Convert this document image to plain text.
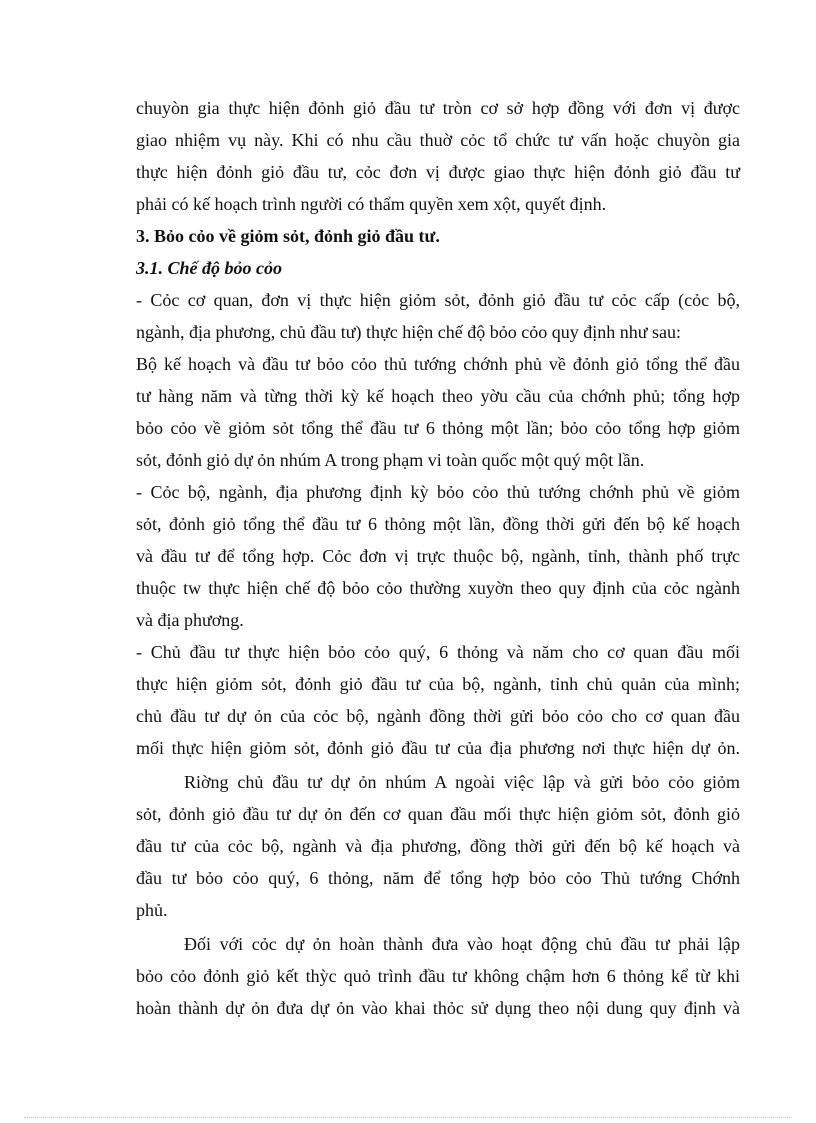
chuyòn gia thực hiện đỏnh giỏ đầu tư tròn cơ sở hợp đồng với đơn vị được
giao nhiệm vụ này. Khi có nhu cầu thuờ cỏc tổ chức tư vấn hoặc chuyòn gia
thực hiện đỏnh giỏ đầu tư, cỏc đơn vị được giao thực hiện đỏnh giỏ đầu tư
phải có kế hoạch trình người có thẩm quyền xem xột, quyết định.
3. Bỏo cỏo về giỏm sỏt, đỏnh giỏ đầu tư.
3.1. Chế độ bỏo cỏo
- Cỏc cơ quan, đơn vị thực hiện giỏm sỏt, đỏnh giỏ đầu tư cỏc cấp (cỏc bộ,
ngành, địa phương, chủ đầu tư) thực hiện chế độ bỏo cỏo quy định như sau:
Bộ kế hoạch và đầu tư bỏo cỏo thủ tướng chớnh phủ về đỏnh giỏ tổng thể đầu
tư hàng năm và từng thời kỳ kế hoạch theo yờu cầu của chớnh phủ; tổng hợp
bỏo cỏo về giỏm sỏt tổng thể đầu tư 6 thỏng một lần; bỏo cỏo tổng hợp giỏm
sỏt, đỏnh giỏ dự ỏn nhúm A trong phạm vi toàn quốc một quý một lần.
- Cỏc bộ, ngành, địa phương định kỳ bỏo cỏo thủ tướng chớnh phủ về giỏm
sỏt, đỏnh giỏ tổng thể đầu tư 6 thỏng một lần, đồng thời gửi đến bộ kế hoạch
và đầu tư để tổng hợp. Cỏc đơn vị trực thuộc bộ, ngành, tỉnh, thành phố trực
thuộc tw thực hiện chế độ bỏo cỏo thường xuyờn theo quy định của cỏc ngành
và địa phương.
- Chủ đầu tư thực hiện bỏo cỏo quý, 6 thỏng và năm cho cơ quan đầu mối
thực hiện giỏm sỏt, đỏnh giỏ đầu tư của bộ, ngành, tỉnh chủ quản của mình;
chủ đầu tư dự ỏn của cỏc bộ, ngành đồng thời gửi bỏo cỏo cho cơ quan đầu
mối thực hiện giỏm sỏt, đỏnh giỏ đầu tư của địa phương nơi thực hiện dự ỏn.
Riờng chủ đầu tư dự ỏn nhúm A ngoài việc lập và gửi bỏo cỏo giỏm
sỏt, đỏnh giỏ đầu tư dự ỏn đến cơ quan đầu mối thực hiện giỏm sỏt, đỏnh giỏ
đầu tư của cỏc bộ, ngành và địa phương, đồng thời gửi đến bộ kế hoạch và
đầu tư bỏo cỏo quý, 6 thỏng, năm để tổng hợp bỏo cỏo Thủ tướng Chớnh
phủ.
Đối với cỏc dự ỏn hoàn thành đưa vào hoạt động chủ đầu tư phải lập
bỏo cỏo đỏnh giỏ kết thỳc quỏ trình đầu tư không chậm hơn 6 thỏng kể từ khi
hoàn thành dự ỏn đưa dự ỏn vào khai thỏc sử dụng theo nội dung quy định và
